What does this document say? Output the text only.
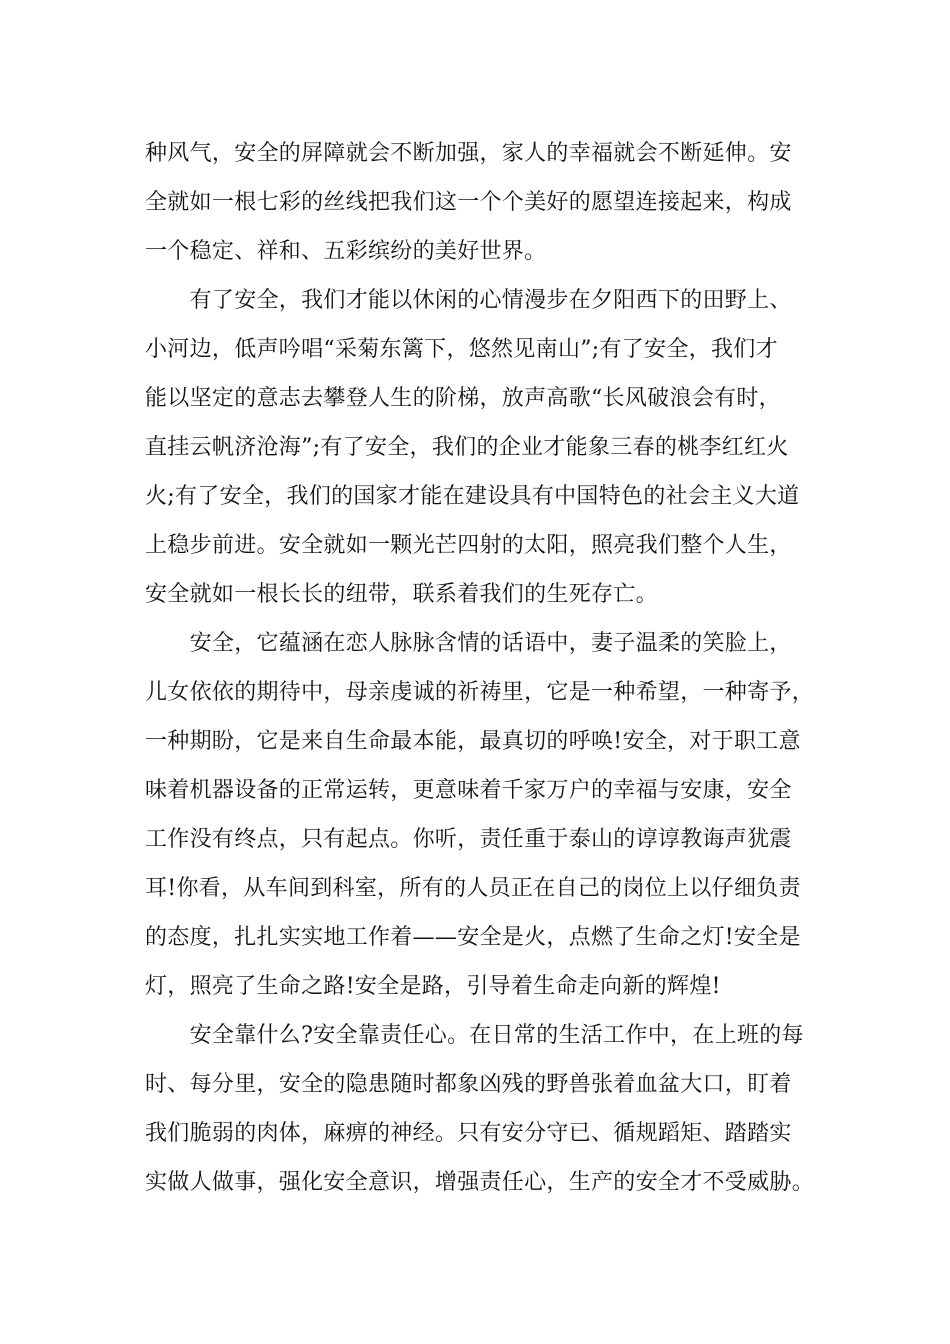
种风气，安全的屏障就会不断加强，家人的幸福就会不断延伸。安
全就如一根七彩的丝线把我们这一个个美好的愿望连接起来，构成
一个稳定、祥和、五彩缤纷的美好世界。
　　有了安全，我们才能以休闲的心情漫步在夕阳西下的田野上、
小河边，低声吟唱“采菊东篱下，悠然见南山”;有了安全，我们才
能以坚定的意志去攀登人生的阶梯，放声高歌“长风破浪会有时，
直挂云帆济沧海”;有了安全，我们的企业才能象三春的桃李红红火
火;有了安全，我们的国家才能在建设具有中国特色的社会主义大道
上稳步前进。安全就如一颗光芒四射的太阳，照亮我们整个人生，
安全就如一根长长的纽带，联系着我们的生死存亡。
　　安全，它蕴涵在恋人脉脉含情的话语中，妻子温柔的笑脸上，
儿女依依的期待中，母亲虔诚的祈祷里，它是一种希望，一种寄予，
一种期盼，它是来自生命最本能，最真切的呼唤!安全，对于职工意
味着机器设备的正常运转，更意味着千家万户的幸福与安康，安全
工作没有终点，只有起点。你听，责任重于泰山的谆谆教诲声犹震
耳!你看，从车间到科室，所有的人员正在自己的岗位上以仔细负责
的态度，扎扎实实地工作着——安全是火，点燃了生命之灯!安全是
灯，照亮了生命之路!安全是路，引导着生命走向新的辉煌!
　　安全靠什么?安全靠责任心。在日常的生活工作中，在上班的每
时、每分里，安全的隐患随时都象凶残的野兽张着血盆大口，盯着
我们脆弱的肉体，麻痹的神经。只有安分守已、循规蹈矩、踏踏实
实做人做事，强化安全意识，增强责任心，生产的安全才不受威胁。
